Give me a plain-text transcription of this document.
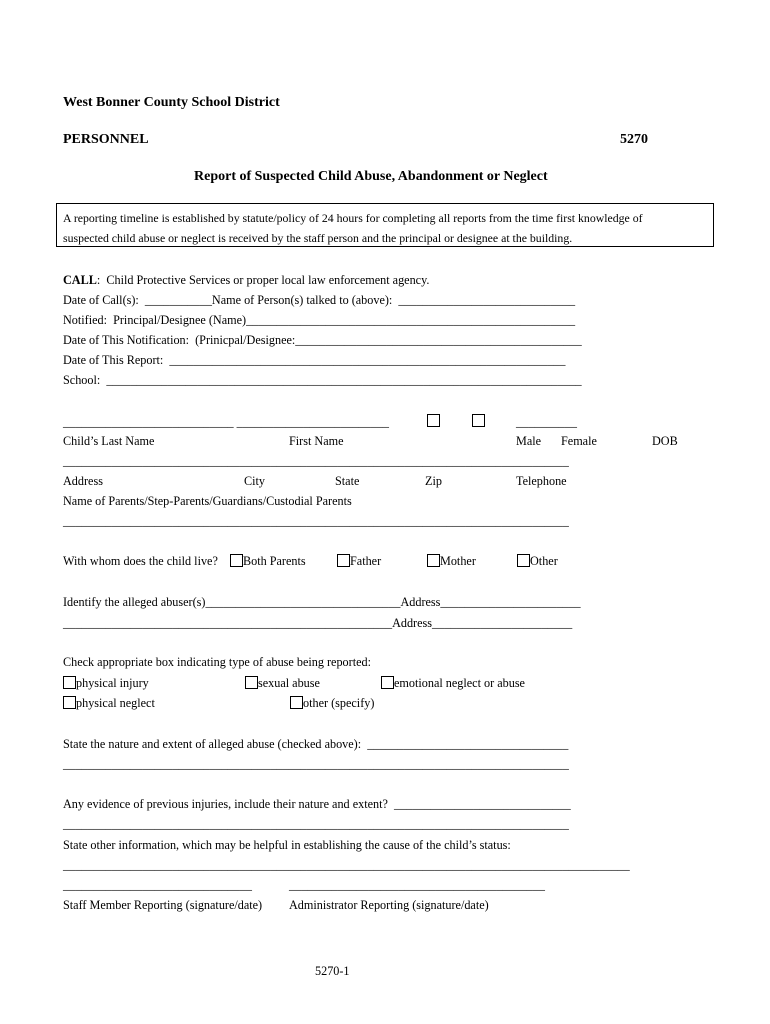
West Bonner County School District
PERSONNEL	5270
Report of Suspected Child Abuse, Abandonment or Neglect
A reporting timeline is established by statute/policy of 24 hours for completing all reports from the time first knowledge of
suspected child abuse or neglect is received by the staff person and the principal or designee at the building.
CALL:  Child Protective Services or proper local law enforcement agency.
Date of Call(s):  ___________Name of Person(s) talked to (above):  _____________________________
Notified:  Principal/Designee (Name)______________________________________________________
Date of This Notification:  (Prinicpal/Designee:_______________________________________________
Date of This Report:  _________________________________________________________________
School:  ______________________________________________________________________________
____________________________ _________________________	__________
Child’s Last Name	First Name	Male Female	DOB
___________________________________________________________________________________
Address	City	State	Zip	Telephone
Name of Parents/Step-Parents/Guardians/Custodial Parents
___________________________________________________________________________________
With whom does the child live? Both Parents	Father	Mother	Other
Identify the alleged abuser(s)________________________________Address_______________________
______________________________________________________Address_______________________
Check appropriate box indicating type of abuse being reported:
physical injury	sexual abuse	emotional neglect or abuse
physical neglect	other (specify)
State the nature and extent of alleged abuse (checked above):  _________________________________
___________________________________________________________________________________
Any evidence of previous injuries, include their nature and extent?  _____________________________
___________________________________________________________________________________
State other information, which may be helpful in establishing the cause of the child’s status:
_____________________________________________________________________________________________
_______________________________	__________________________________________
Staff Member Reporting (signature/date) Administrator Reporting (signature/date)
5270-1
